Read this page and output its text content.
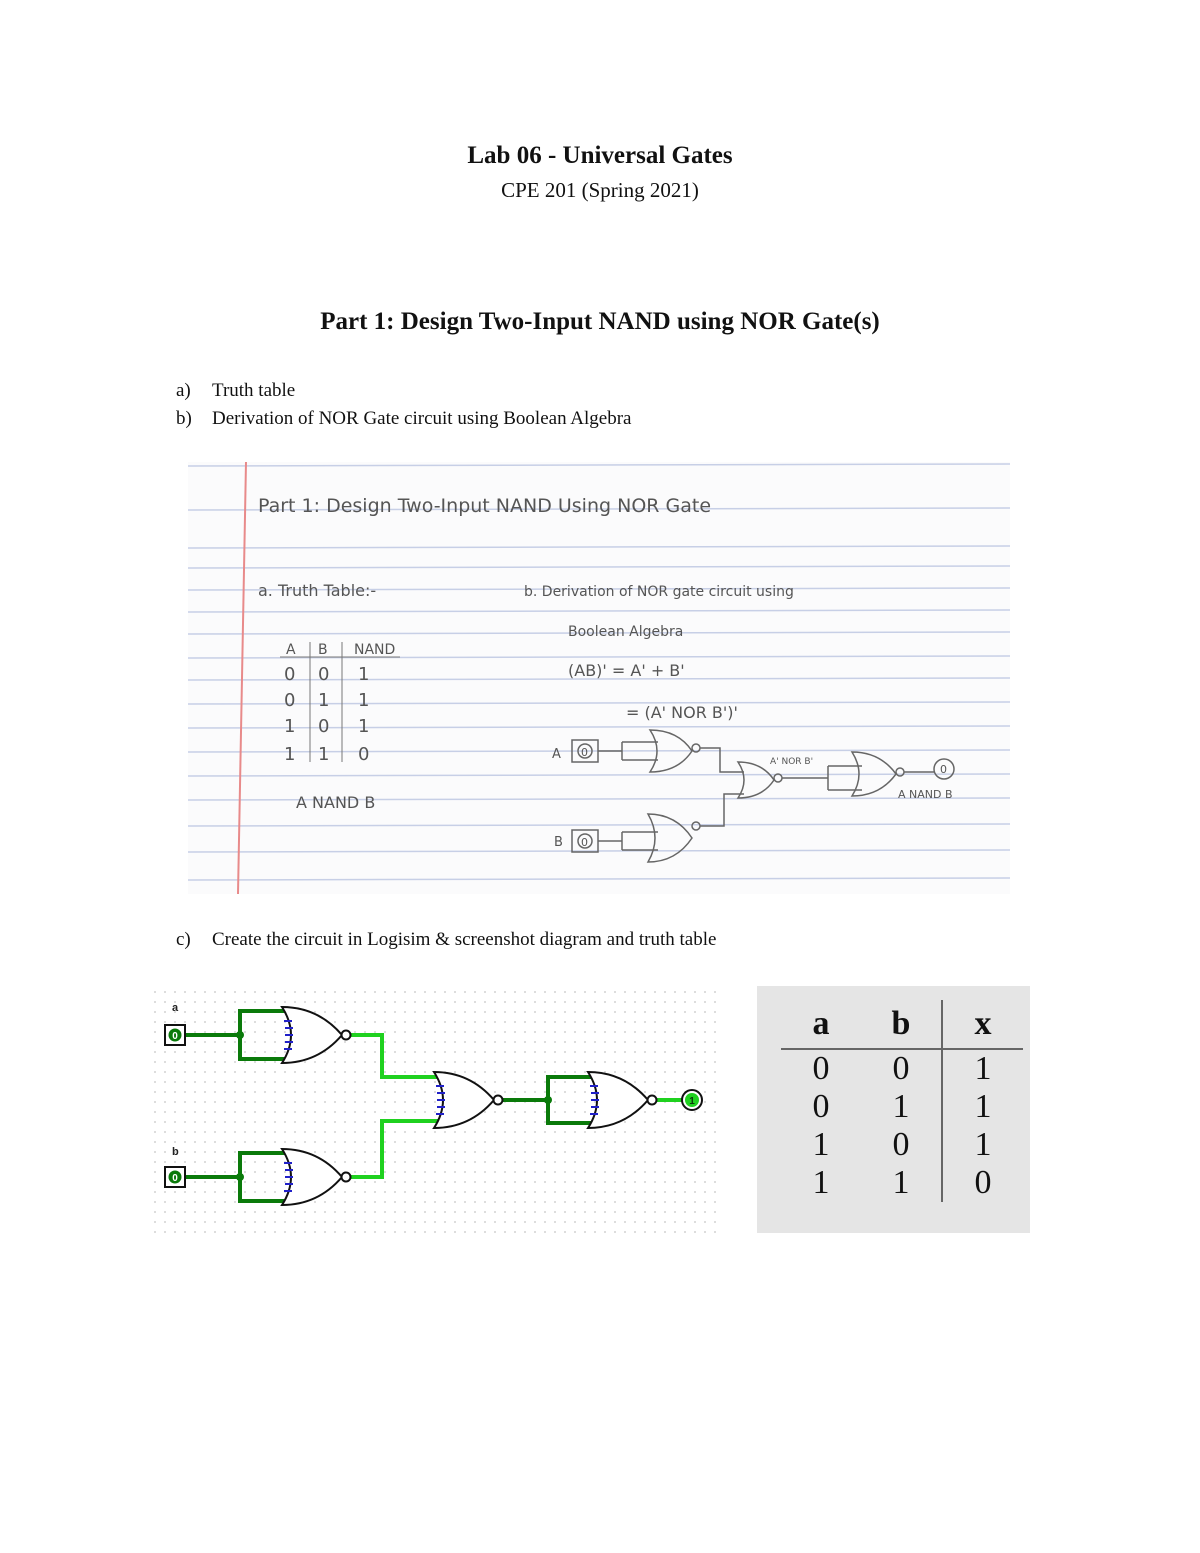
Lab 06 - Universal Gates
CPE 201 (Spring 2021)
Part 1: Design Two-Input NAND using NOR Gate(s)
a) Truth table
b) Derivation of NOR Gate circuit using Boolean Algebra
Part 1: Design Two-Input NAND Using NOR Gate
a. Truth Table:-	b. Derivation of NOR gate circuit using
Boolean Algebra
(AB)' = A' + B'
= (A' NOR B')'
A B NAND
0 0 1
0 1 1
1 0 1
1 1 0
A NAND B
A 0
B 0
A' NOR B'
A NAND B
0
c) Create the circuit in Logisim & screenshot diagram and truth table
a
0
b
0
1
a	b	x
0	0	1
0	1	1
1	0	1
1	1	0
